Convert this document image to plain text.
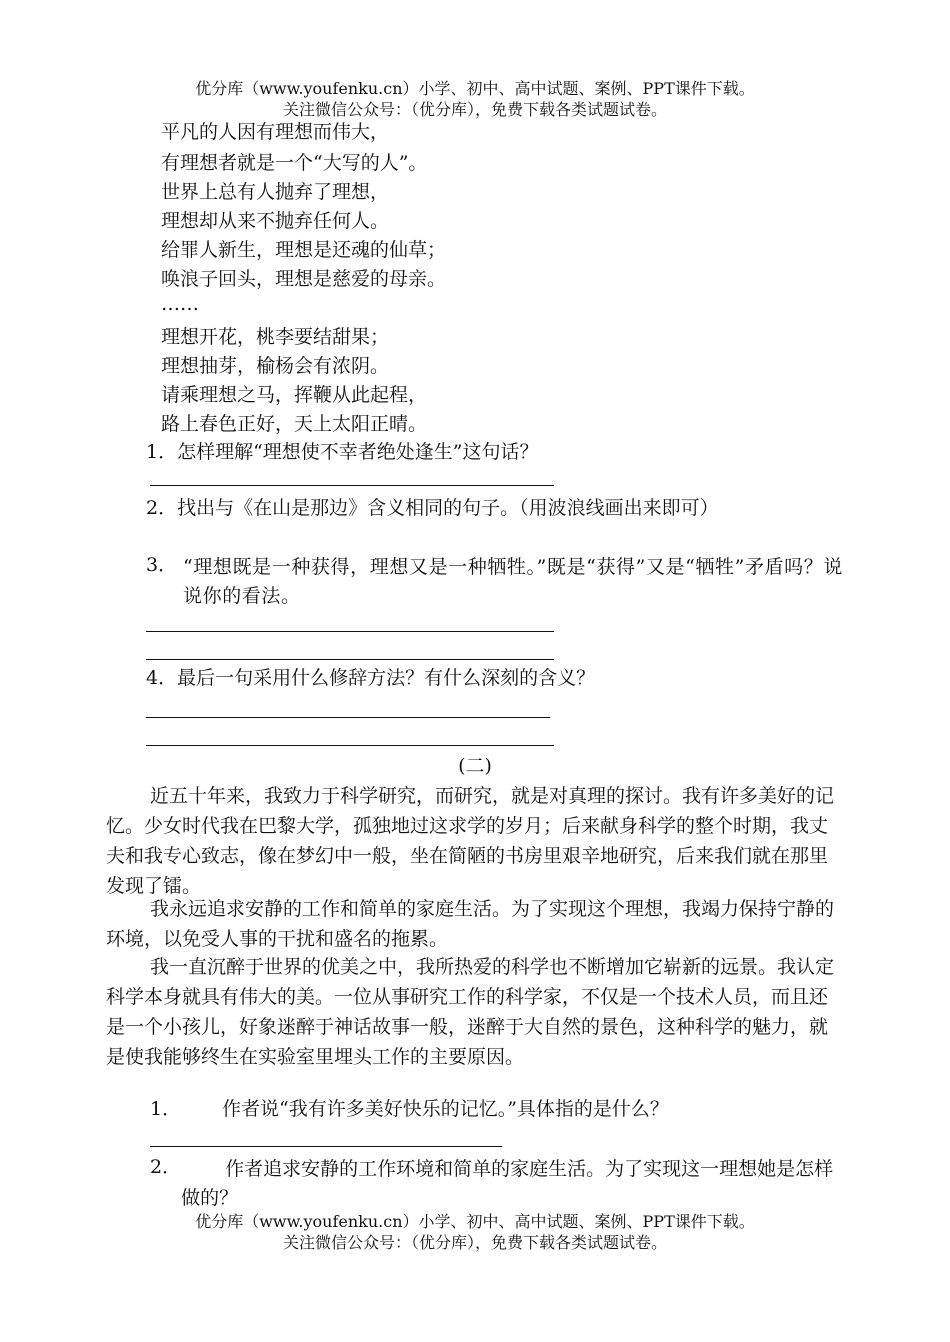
优分库（www.youfenku.cn）小学、初中、高中试题、案例、PPT课件下载。
关注微信公众号：（优分库），免费下载各类试题试卷。
平凡的人因有理想而伟大，
有理想者就是一个“大写的人”。
世界上总有人抛弃了理想，
理想却从来不抛弃任何人。
给罪人新生，理想是还魂的仙草；
唤浪子回头，理想是慈爱的母亲。
……
理想开花，桃李要结甜果；
理想抽芽，榆杨会有浓阴。
请乘理想之马，挥鞭从此起程，
路上春色正好，天上太阳正晴。
1．怎样理解“理想使不幸者绝处逢生”这句话？
2．找出与《在山是那边》含义相同的句子。（用波浪线画出来即可）
3． “理想既是一种获得，理想又是一种牺牲。”既是“获得”又是“牺牲”矛盾吗？说说你的看法。
4．最后一句采用什么修辞方法？有什么深刻的含义？
(二)
近五十年来，我致力于科学研究，而研究，就是对真理的探讨。我有许多美好的记忆。少女时代我在巴黎大学，孤独地过这求学的岁月；后来献身科学的整个时期，我丈夫和我专心致志，像在梦幻中一般，坐在简陋的书房里艰辛地研究，后来我们就在那里发现了镭。
我永远追求安静的工作和简单的家庭生活。为了实现这个理想，我竭力保持宁静的环境，以免受人事的干扰和盛名的拖累。
我一直沉醉于世界的优美之中，我所热爱的科学也不断增加它崭新的远景。我认定科学本身就具有伟大的美。一位从事研究工作的科学家，不仅是一个技术人员，而且还是一个小孩儿，好象迷醉于神话故事一般，迷醉于大自然的景色，这种科学的魅力，就是使我能够终生在实验室里埋头工作的主要原因。
1． 作者说“我有许多美好快乐的记忆。”具体指的是什么？
2．	作者追求安静的工作环境和简单的家庭生活。为了实现这一理想她是怎样做的？
优分库（www.youfenku.cn）小学、初中、高中试题、案例、PPT课件下载。
关注微信公众号：（优分库），免费下载各类试题试卷。
